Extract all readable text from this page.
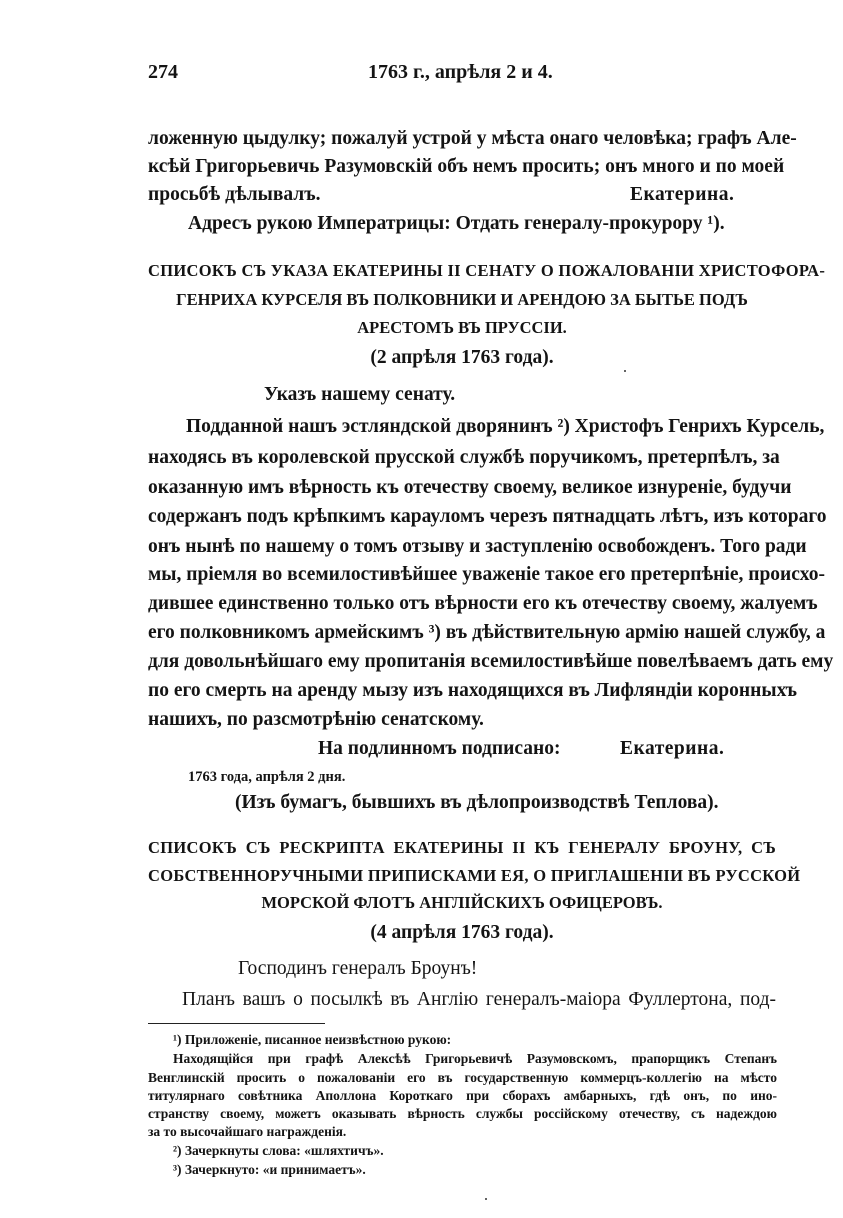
274	1763 г., апрѣля 2 и 4.
ложенную цыдулку; пожалуй устрой у мѣста онаго человѣка; графъ Але-
ксѣй Григорьевичь Разумовскій объ немъ просить; онъ много и по моей
просьбѣ дѣлывалъ.	Екатерина.
Адресъ рукою Императрицы: Отдать генералу-прокурору ¹).
СПИСОКЪ СЪ УКАЗА ЕКАТЕРИНЫ II СЕНАТУ О ПОЖАЛОВАНІИ ХРИСТОФОРА-
ГЕНРИХА КУРСЕЛЯ ВЪ ПОЛКОВНИКИ И АРЕНДОЮ ЗА БЫТЬЕ ПОДЪ
АРЕСТОМЪ ВЪ ПРУССІИ.
(2 апрѣля 1763 года).
Указъ нашему сенату.
Подданной нашъ эстляндской дворянинъ ²) Христофъ Генрихъ Курсель,
находясь въ королевской прусской службѣ поручикомъ, претерпѣлъ, за
оказанную имъ вѣрность къ отечеству своему, великое изнуреніе, будучи
содержанъ подъ крѣпкимъ карауломъ черезъ пятнадцать лѣтъ, изъ котораго
онъ нынѣ по нашему о томъ отзыву и заступленію освобожденъ. Того ради
мы, пріемля во всемилостивѣйшее уваженіе такое его претерпѣніе, происхо-
дившее единственно только отъ вѣрности его къ отечеству своему, жалуемъ
его полковникомъ армейскимъ ³) въ дѣйствительную армію нашей службу, а
для довольнѣйшаго ему пропитанія всемилостивѣйше повелѣваемъ дать ему
по его смерть на аренду мызу изъ находящихся въ Лифляндіи коронныхъ
нашихъ, по разсмотрѣнію сенатскому.
На подлинномъ подписано:	Екатерина.
1763 года, апрѣля 2 дня.
(Изъ бумагъ, бывшихъ въ дѣлопроизводствѣ Теплова).
СПИСОКЪ СЪ РЕСКРИПТА ЕКАТЕРИНЫ II КЪ ГЕНЕРАЛУ БРОУНУ, СЪ
СОБСТВЕННОРУЧНЫМИ ПРИПИСКАМИ ЕЯ, О ПРИГЛАШЕНІИ ВЪ РУССКОЙ
МОРСКОЙ ФЛОТЪ АНГЛІЙСКИХЪ ОФИЦЕРОВЪ.
(4 апрѣля 1763 года).
Господинъ генералъ Броунъ!
Планъ вашъ о посылкѣ въ Англію генералъ-маіора Фуллертона, под-
¹) Приложеніе, писанное неизвѣстною рукою:
Находящійся при графѣ Алексѣѣ Григорьевичѣ Разумовскомъ, прапорщикъ Степанъ
Венглинскій просить о пожалованіи его въ государственную коммерцъ-коллегію на мѣсто
титулярнаго совѣтника Аполлона Короткаго при сборахъ амбарныхъ, гдѣ онъ, по ино-
странству своему, можетъ оказывать вѣрность службы россійскому отечеству, съ надеждою
за то высочайшаго награжденія.
²) Зачеркнуты слова: «шляхтичъ».
³) Зачеркнуто: «и принимаетъ».
